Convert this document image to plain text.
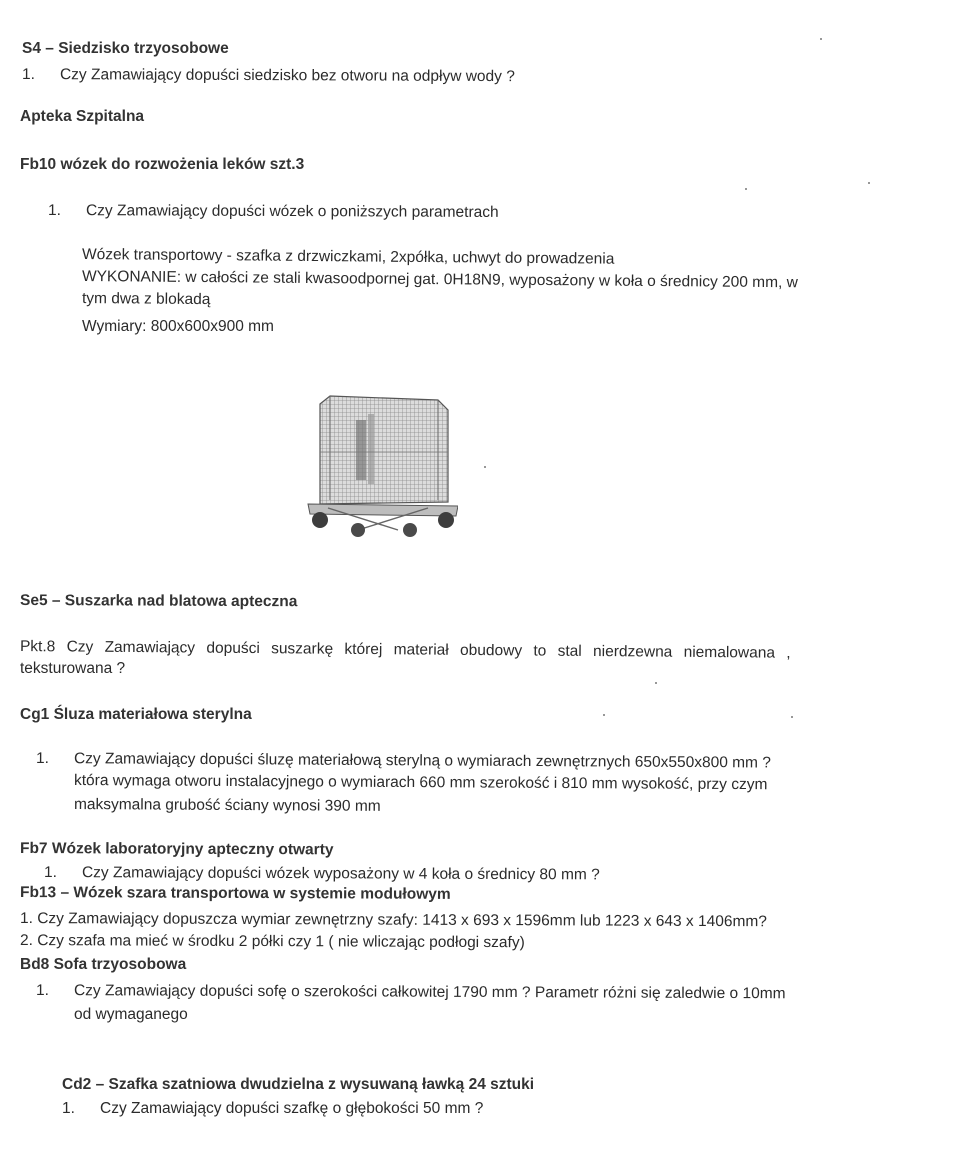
S4 – Siedzisko trzyosobowe
1. Czy Zamawiający dopuści siedzisko bez otworu na odpływ wody ?
Apteka Szpitalna
Fb10 wózek do rozwożenia leków szt.3
1. Czy Zamawiający dopuści wózek o poniższych parametrach
Wózek transportowy - szafka z drzwiczkami, 2xpółka, uchwyt do prowadzenia
WYKONANIE: w całości ze stali kwasoodpornej gat. 0H18N9, wyposażony w koła o średnicy 200 mm, w
tym dwa z blokadą
Wymiary: 800x600x900 mm
Se5 – Suszarka nad blatowa apteczna
Pkt.8 Czy Zamawiający dopuści suszarkę której materiał obudowy to stal nierdzewna niemalowana ,
teksturowana ?
Cg1 Śluza materiałowa sterylna
1. Czy Zamawiający dopuści śluzę materiałową sterylną o wymiarach zewnętrznych 650x550x800 mm ?
która wymaga otworu instalacyjnego o wymiarach 660 mm szerokość i 810 mm wysokość, przy czym
maksymalna grubość ściany wynosi 390 mm
Fb7 Wózek laboratoryjny apteczny otwarty
1. Czy Zamawiający dopuści wózek wyposażony w 4 koła o średnicy 80 mm ?
Fb13 – Wózek szara transportowa w systemie modułowym
1. Czy Zamawiający dopuszcza wymiar zewnętrzny szafy: 1413 x 693 x 1596mm lub 1223 x 643 x 1406mm?
2. Czy szafa ma mieć w środku 2 półki czy 1 ( nie wliczając podłogi szafy)
Bd8 Sofa trzyosobowa
1. Czy Zamawiający dopuści sofę o szerokości całkowitej 1790 mm ? Parametr różni się zaledwie o 10mm
od wymaganego
Cd2 – Szafka szatniowa dwudzielna z wysuwaną ławką 24 sztuki
1. Czy Zamawiający dopuści szafkę o głębokości 50 mm ?
